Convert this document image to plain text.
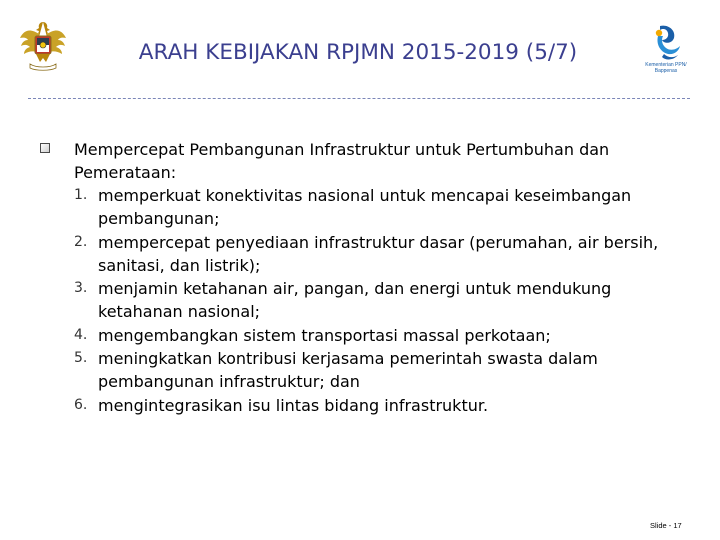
ARAH KEBIJAKAN RPJMN 2015-2019 (5/7)	Kementerian PPN/
Bappenas
Mempercepat Pembangunan Infrastruktur untuk Pertumbuhan dan Pemerataan:
1. memperkuat konektivitas nasional untuk mencapai keseimbangan pembangunan;
2. mempercepat penyediaan infrastruktur dasar (perumahan, air bersih, sanitasi, dan listrik);
3. menjamin ketahanan air, pangan, dan energi untuk mendukung ketahanan nasional;
4. mengembangkan sistem transportasi massal perkotaan;
5. meningkatkan kontribusi kerjasama pemerintah swasta dalam pembangunan infrastruktur; dan
6. mengintegrasikan isu lintas bidang infrastruktur.
Slide - 17
